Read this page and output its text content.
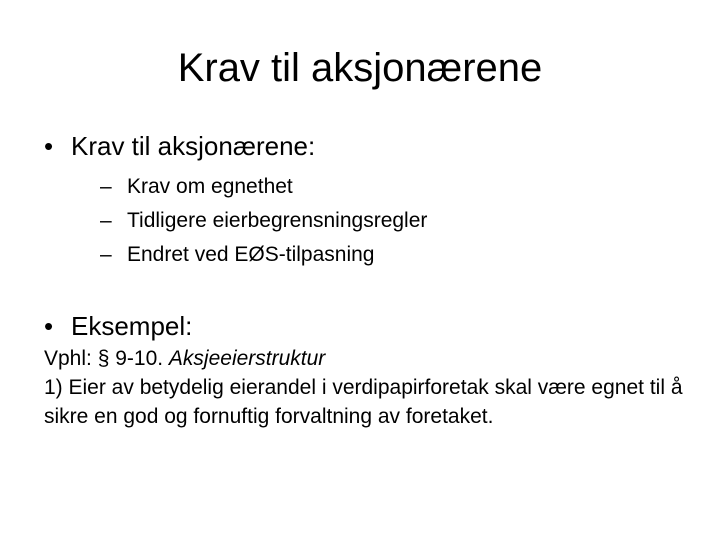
Krav til aksjonærene
• Krav til aksjonærene:
– Krav om egnethet
– Tidligere eierbegrensningsregler
– Endret ved EØS-tilpasning
• Eksempel:

Vphl: § 9-10. Aksjeeierstruktur

1) Eier av betydelig eierandel i verdipapirforetak skal være egnet til å sikre en god og fornuftig forvaltning av foretaket.
